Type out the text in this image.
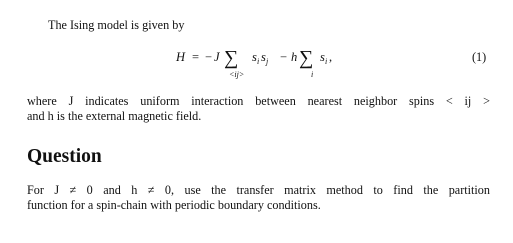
The Ising model is given by

H = − J ∑
<ij>
s i s j − h ∑
i
s i ,	(1)

where J indicates uniform interaction between nearest neighbor spins < ij >
and h is the external magnetic field.

Question

For J ≠ 0 and h ≠ 0, use the transfer matrix method to find the partition
function for a spin-chain with periodic boundary conditions.
